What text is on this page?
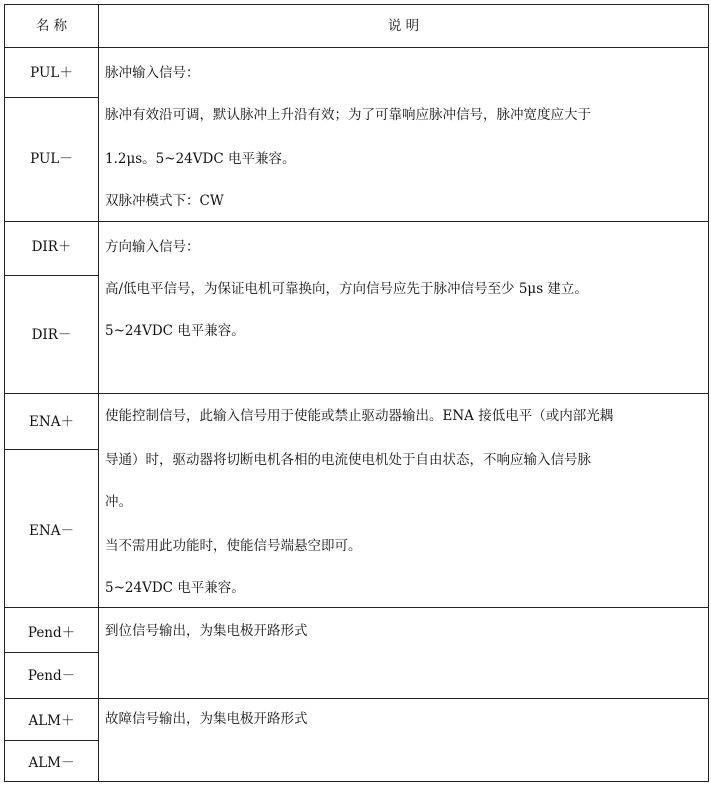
名 称	说 明
PUL＋
PUL－
脉冲输入信号：
脉冲有效沿可调，默认脉冲上升沿有效；为了可靠响应脉冲信号，脉冲宽度应大于
1.2μs。5~24VDC 电平兼容。
双脉冲模式下：CW
DIR＋
DIR－
方向输入信号：
高/低电平信号，为保证电机可靠换向，方向信号应先于脉冲信号至少 5μs 建立。
5~24VDC 电平兼容。
ENA＋
ENA－
使能控制信号，此输入信号用于使能或禁止驱动器输出。ENA 接低电平（或内部光耦
导通）时，驱动器将切断电机各相的电流使电机处于自由状态，不响应输入信号脉
冲。
当不需用此功能时，使能信号端悬空即可。
5~24VDC 电平兼容。
Pend＋
Pend－
到位信号输出，为集电极开路形式
ALM＋
ALM－
故障信号输出，为集电极开路形式
